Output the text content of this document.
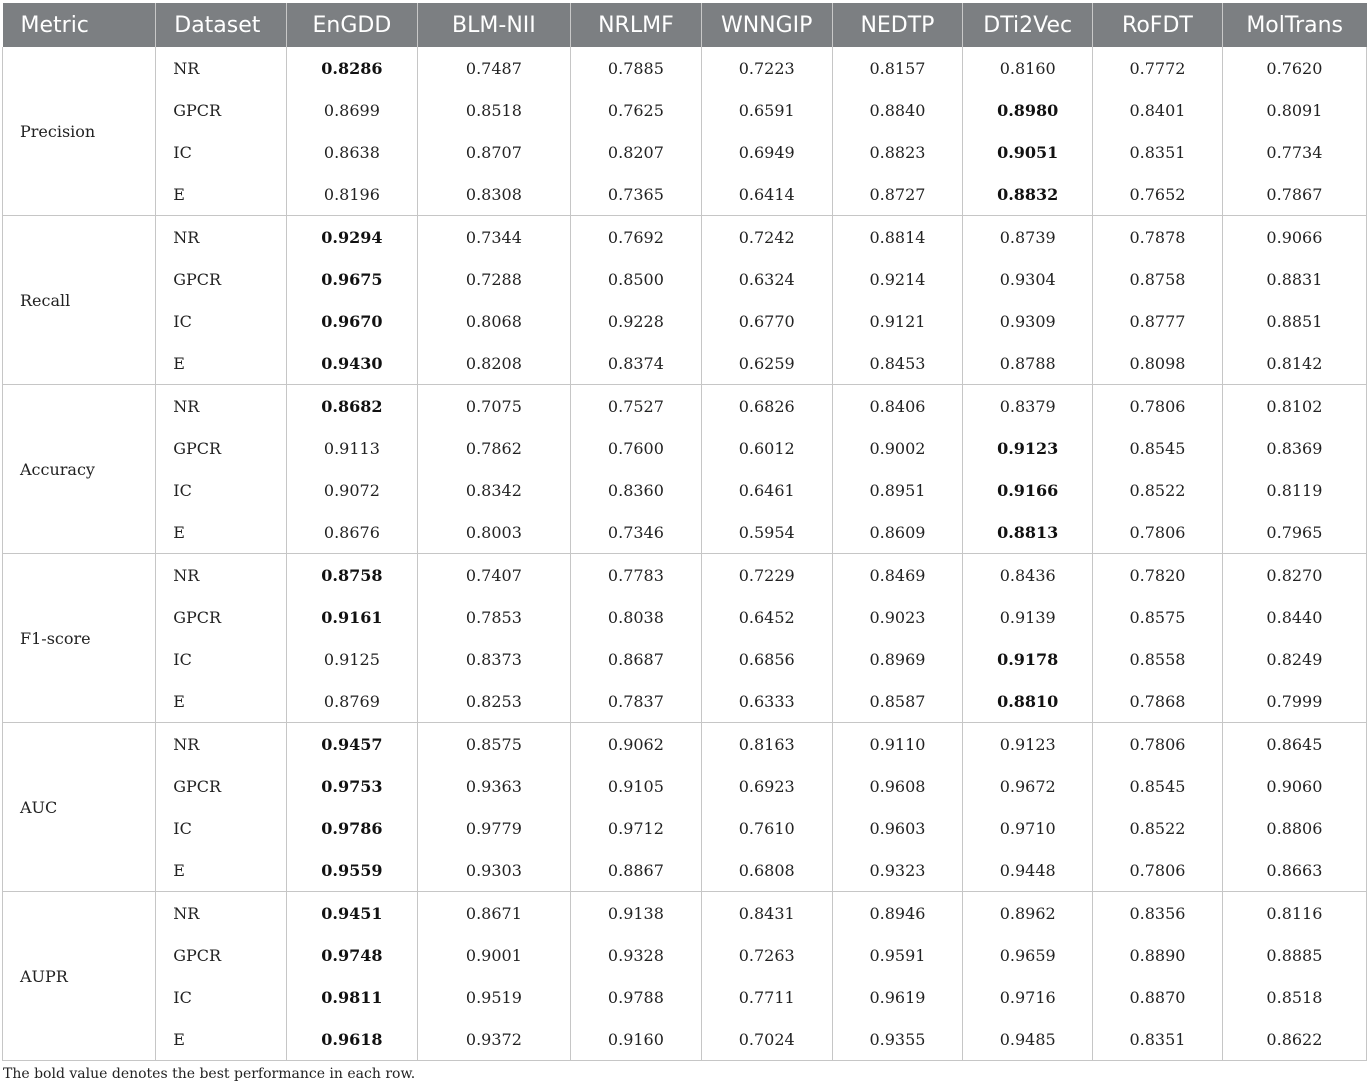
Metric	Dataset	EnGDD	BLM-NII	NRLMF	WNNGIP	NEDTP	DTi2Vec	RoFDT	MolTrans
Precision	NR	0.8286	0.7487	0.7885	0.7223	0.8157	0.8160	0.7772	0.7620
	GPCR	0.8699	0.8518	0.7625	0.6591	0.8840	0.8980	0.8401	0.8091
	IC	0.8638	0.8707	0.8207	0.6949	0.8823	0.9051	0.8351	0.7734
	E	0.8196	0.8308	0.7365	0.6414	0.8727	0.8832	0.7652	0.7867
Recall	NR	0.9294	0.7344	0.7692	0.7242	0.8814	0.8739	0.7878	0.9066
	GPCR	0.9675	0.7288	0.8500	0.6324	0.9214	0.9304	0.8758	0.8831
	IC	0.9670	0.8068	0.9228	0.6770	0.9121	0.9309	0.8777	0.8851
	E	0.9430	0.8208	0.8374	0.6259	0.8453	0.8788	0.8098	0.8142
Accuracy	NR	0.8682	0.7075	0.7527	0.6826	0.8406	0.8379	0.7806	0.8102
	GPCR	0.9113	0.7862	0.7600	0.6012	0.9002	0.9123	0.8545	0.8369
	IC	0.9072	0.8342	0.8360	0.6461	0.8951	0.9166	0.8522	0.8119
	E	0.8676	0.8003	0.7346	0.5954	0.8609	0.8813	0.7806	0.7965
F1-score	NR	0.8758	0.7407	0.7783	0.7229	0.8469	0.8436	0.7820	0.8270
	GPCR	0.9161	0.7853	0.8038	0.6452	0.9023	0.9139	0.8575	0.8440
	IC	0.9125	0.8373	0.8687	0.6856	0.8969	0.9178	0.8558	0.8249
	E	0.8769	0.8253	0.7837	0.6333	0.8587	0.8810	0.7868	0.7999
AUC	NR	0.9457	0.8575	0.9062	0.8163	0.9110	0.9123	0.7806	0.8645
	GPCR	0.9753	0.9363	0.9105	0.6923	0.9608	0.9672	0.8545	0.9060
	IC	0.9786	0.9779	0.9712	0.7610	0.9603	0.9710	0.8522	0.8806
	E	0.9559	0.9303	0.8867	0.6808	0.9323	0.9448	0.7806	0.8663
AUPR	NR	0.9451	0.8671	0.9138	0.8431	0.8946	0.8962	0.8356	0.8116
	GPCR	0.9748	0.9001	0.9328	0.7263	0.9591	0.9659	0.8890	0.8885
	IC	0.9811	0.9519	0.9788	0.7711	0.9619	0.9716	0.8870	0.8518
	E	0.9618	0.9372	0.9160	0.7024	0.9355	0.9485	0.8351	0.8622

The bold value denotes the best performance in each row.
